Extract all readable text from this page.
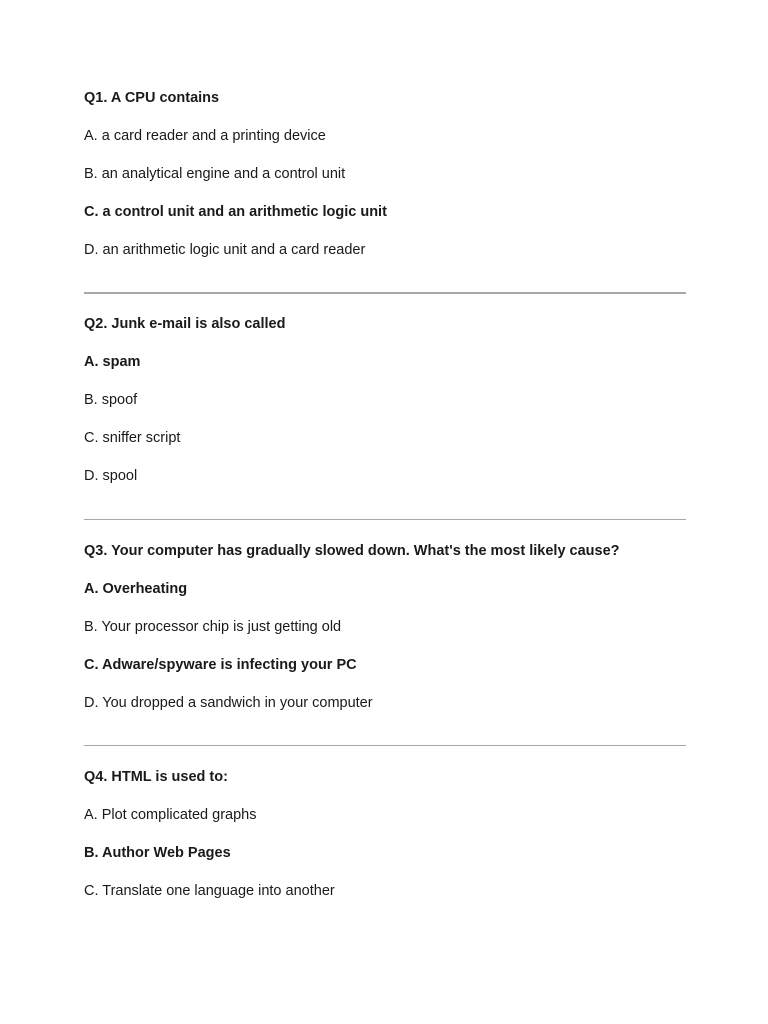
Q1. A CPU contains
A. a card reader and a printing device
B. an analytical engine and a control unit
C. a control unit and an arithmetic logic unit
D. an arithmetic logic unit and a card reader
Q2. Junk e-mail is also called
A. spam
B. spoof
C. sniffer script
D. spool
Q3. Your computer has gradually slowed down. What's the most likely cause?
A. Overheating
B. Your processor chip is just getting old
C. Adware/spyware is infecting your PC
D. You dropped a sandwich in your computer
Q4. HTML is used to:
A. Plot complicated graphs
B. Author Web Pages
C. Translate one language into another
